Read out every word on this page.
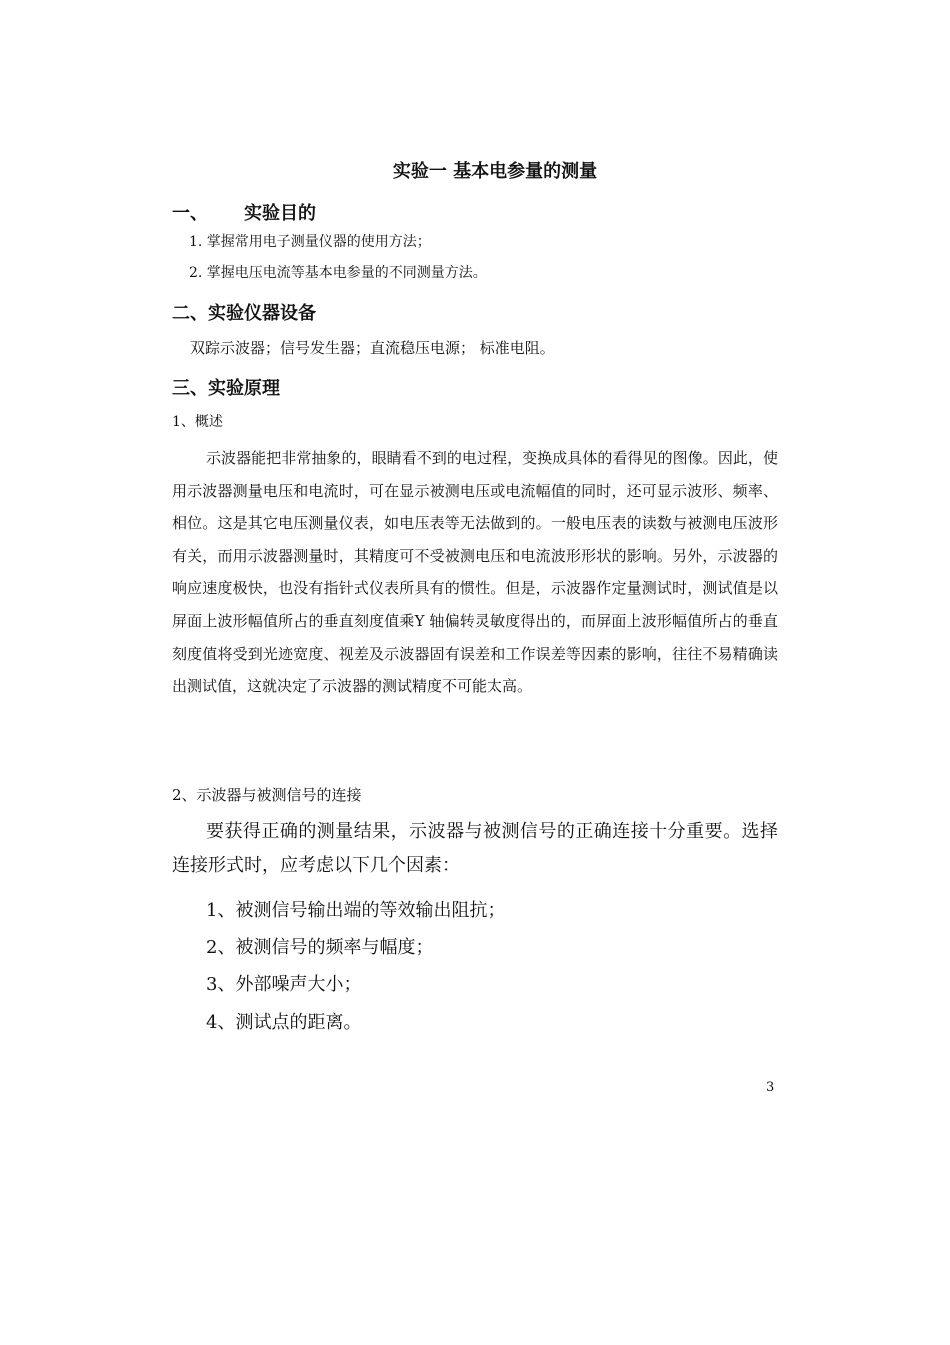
实验一 基本电参量的测量
一、 实验目的
1. 掌握常用电子测量仪器的使用方法；
2. 掌握电压电流等基本电参量的不同测量方法。
二、实验仪器设备
双踪示波器；信号发生器；直流稳压电源； 标准电阻。
三、实验原理
1、概述
示波器能把非常抽象的，眼睛看不到的电过程，变换成具体的看得见的图像。因此，使用示波器测量电压和电流时，可在显示被测电压或电流幅值的同时，还可显示波形、频率、相位。这是其它电压测量仪表，如电压表等无法做到的。一般电压表的读数与被测电压波形有关，而用示波器测量时，其精度可不受被测电压和电流波形形状的影响。另外，示波器的响应速度极快，也没有指针式仪表所具有的惯性。但是，示波器作定量测试时，测试值是以屏面上波形幅值所占的垂直刻度值乘Y 轴偏转灵敏度得出的，而屏面上波形幅值所占的垂直刻度值将受到光迹宽度、视差及示波器固有误差和工作误差等因素的影响，往往不易精确读出测试值，这就决定了示波器的测试精度不可能太高。
2、示波器与被测信号的连接
要获得正确的测量结果，示波器与被测信号的正确连接十分重要。选择连接形式时，应考虑以下几个因素：
1、被测信号输出端的等效输出阻抗；
2、被测信号的频率与幅度；
3、外部噪声大小；
4、测试点的距离。
3
